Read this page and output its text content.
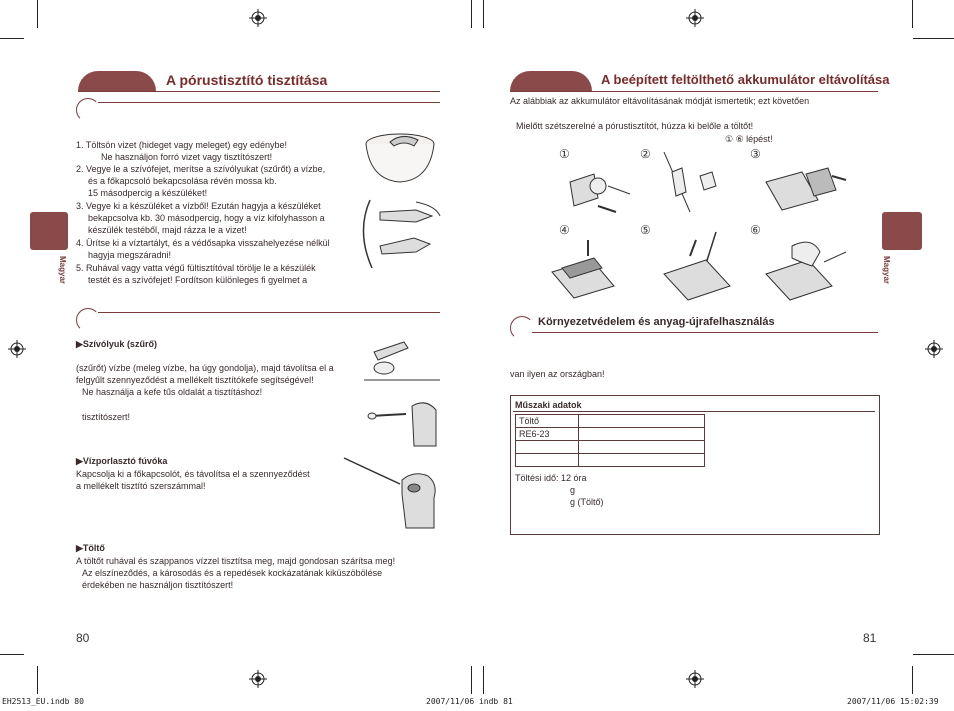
A pórustisztító tisztítása
Magyar
1. Töltsön vizet (hideget vagy meleget) egy edénybe!
Ne használjon forró vizet vagy tisztítószert!
2. Vegye le a szívófejet, merítse a szívólyukat (szűrőt) a vízbe,
és a főkapcsoló bekapcsolása révén mossa kb.
15 másodpercig a készüléket!
3. Vegye ki a készüléket a vízből! Ezután hagyja a készüléket
bekapcsolva kb. 30 másodpercig, hogy a víz kifolyhasson a
készülék testéből, majd rázza le a vizet!
4. Ürítse ki a víztartályt, és a védősapka visszahelyezése nélkül
hagyja megszáradni!
5. Ruhával vagy vatta végű fültisztítóval törölje le a készülék
testét és a szívófejet! Fordítson különleges fi gyelmet a
▶Szívólyuk (szűrő)
(szűrőt) vízbe (meleg vízbe, ha úgy gondolja), majd távolítsa el a
felgyűlt szennyeződést a mellékelt tisztítókefe segítségével!
Ne használja a kefe tűs oldalát a tisztításhoz!
tisztítószert!
▶Vízporlasztó fúvóka
Kapcsolja ki a főkapcsolót, és távolítsa el a szennyeződést
a mellékelt tisztító szerszámmal!
▶Töltő
A töltőt ruhával és szappanos vízzel tisztítsa meg, majd gondosan szárítsa meg!
Az elszíneződés, a károsodás és a repedések kockázatának kiküszöbölése
érdekében ne használjon tisztítószert!
80
A beépített feltölthető akkumulátor eltávolítása
Az alábbiak az akkumulátor eltávolításának módját ismertetik; ezt követően
Mielőtt szétszerelné a pórustisztítót, húzza ki belőle a töltőt!
① ⑥ lépést!
Magyar
①	②	③
④	⑤	⑥
Környezetvédelem és anyag-újrafelhasználás
van ilyen az országban!
Műszaki adatok
Töltő	
RE6-23	

Töltési idő: 12 óra
g
g (Töltő)
81
EH2513_EU.indb 80	2007/11/06 indb 81	2007/11/06 15:02:39
